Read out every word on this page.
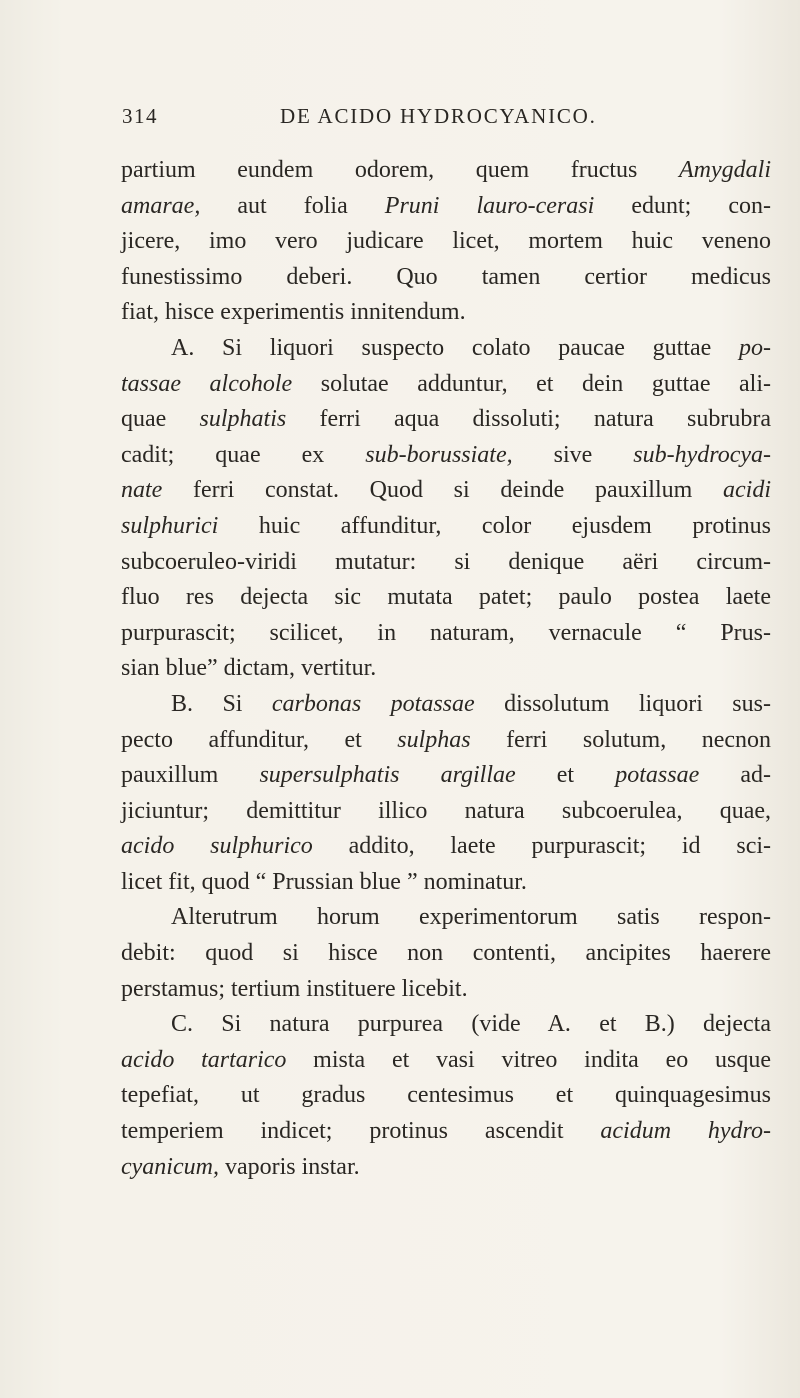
314	DE ACIDO HYDROCYANICO.
partium eundem odorem, quem fructus Amygdali
amarae, aut folia Pruni lauro-cerasi edunt; con-
jicere, imo vero judicare licet, mortem huic veneno
funestissimo deberi. Quo tamen certior medicus
fiat, hisce experimentis innitendum.
A. Si liquori suspecto colato paucae guttae po-
tassae alcohole solutae adduntur, et dein guttae ali-
quae sulphatis ferri aqua dissoluti; natura subrubra
cadit; quae ex sub-borussiate, sive sub-hydrocya-
nate ferri constat. Quod si deinde pauxillum acidi
sulphurici huic affunditur, color ejusdem protinus
subcoeruleo-viridi mutatur: si denique aëri circum-
fluo res dejecta sic mutata patet; paulo postea laete
purpurascit; scilicet, in naturam, vernacule “ Prus-
sian blue” dictam, vertitur.
B. Si carbonas potassae dissolutum liquori sus-
pecto affunditur, et sulphas ferri solutum, necnon
pauxillum supersulphatis argillae et potassae ad-
jiciuntur; demittitur illico natura subcoerulea, quae,
acido sulphurico addito, laete purpurascit; id sci-
licet fit, quod “ Prussian blue ” nominatur.
Alterutrum horum experimentorum satis respon-
debit: quod si hisce non contenti, ancipites haerere
perstamus; tertium instituere licebit.
C. Si natura purpurea (vide A. et B.) dejecta
acido tartarico mista et vasi vitreo indita eo usque
tepefiat, ut gradus centesimus et quinquagesimus
temperiem indicet; protinus ascendit acidum hydro-
cyanicum, vaporis instar.
